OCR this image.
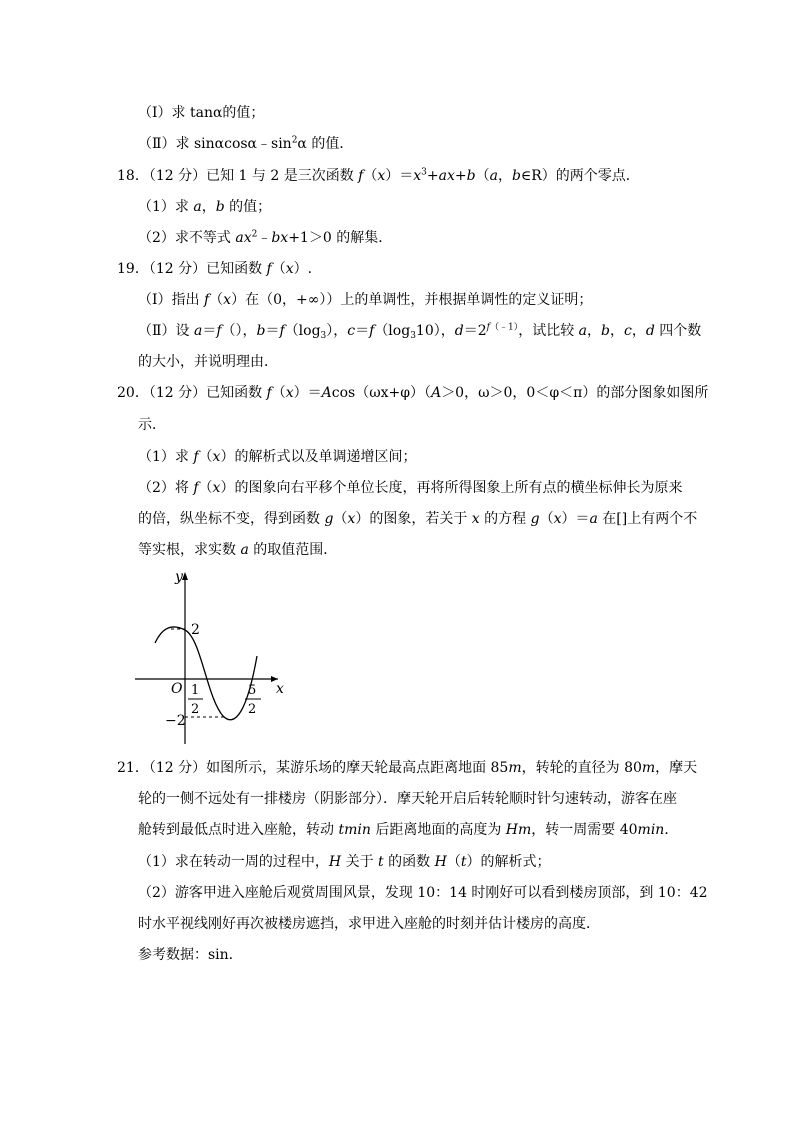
（Ⅰ）求 tanα的值；
（Ⅱ）求 $\sin\alpha\cos\alpha﹣\sin^2\alpha$ 的值．
18．（12 分）已知 1 与 2 是三次函数 $f(x)=x^3+ax+b(a$，b∈R）的两个零点．
（1）求 a，b 的值；
（2）求不等式 $ax^2﹣bx+1>0$ 的解集．
19．（12 分）已知函数 f（x）.
（Ⅰ）指出 f（x）在（0，+∞））上的单调性，并根据单调性的定义证明；
（Ⅱ）设 a＝f（），$b=f(\log_3)$，$c=f(\log_310)$，$d=2^{f(﹣1)}$，试比较 a，b，c，d 四个数
的大小，并说明理由．
20．（12 分）已知函数 f（x）＝Acos（ωx+φ）（A＞0，ω＞0，0＜φ＜π）的部分图象如图所
示．
（1）求 f（x）的解析式以及单调递增区间；
（2）将 f（x）的图象向右平移个单位长度，再将所得图象上所有点的横坐标伸长为原来
的倍，纵坐标不变，得到函数 g（x）的图象，若关于 x 的方程 g（x）＝a 在[]上有两个不
等实根，求实数 a 的取值范围．
y
x
O
2
−2
1
2
5
2
21．（12 分）如图所示，某游乐场的摩天轮最高点距离地面 85m，转轮的直径为 80m，摩天
轮的一侧不远处有一排楼房（阴影部分）．摩天轮开启后转轮顺时针匀速转动，游客在座
舱转到最低点时进入座舱，转动 tmin 后距离地面的高度为 Hm，转一周需要 40min．
（1）求在转动一周的过程中，H 关于 t 的函数 H（t）的解析式；
（2）游客甲进入座舱后观赏周围风景，发现 10：14 时刚好可以看到楼房顶部，到 10：42
时水平视线刚好再次被楼房遮挡，求甲进入座舱的时刻并估计楼房的高度．
参考数据：sin．
